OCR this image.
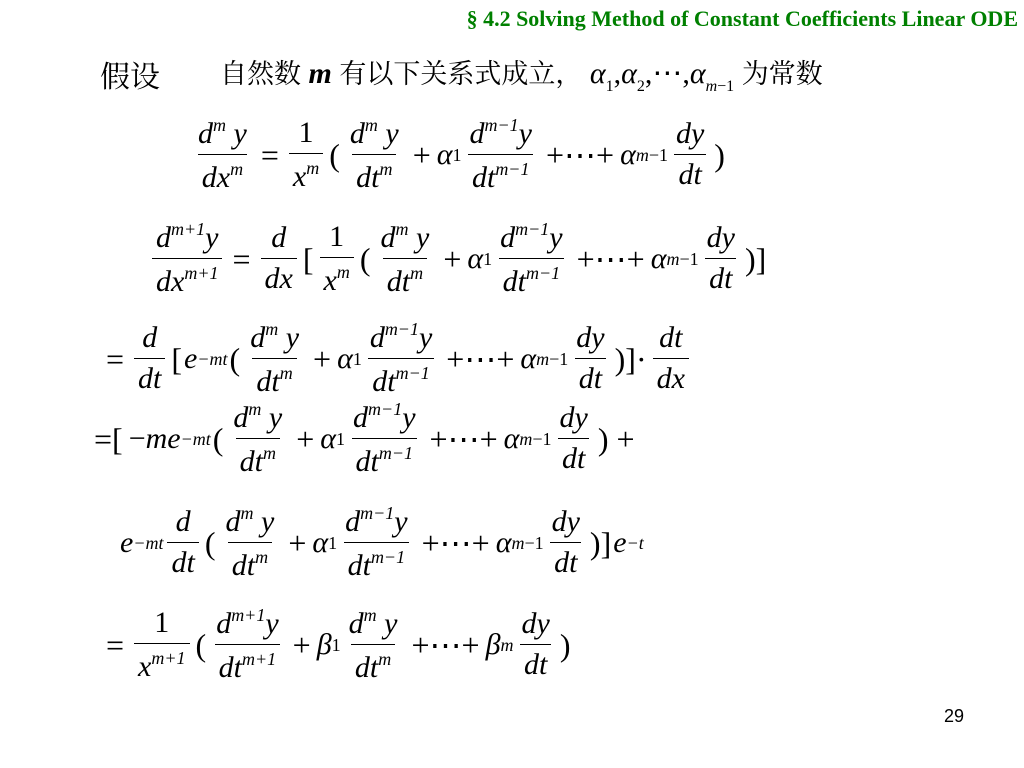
§ 4.2 Solving Method of Constant Coefficients Linear ODE
假设 自然数 m 有以下关系式成立， $\alpha_1,\alpha_2,\cdots,\alpha_{m-1}$ 为常数
$d^m$ y
$dx^m = \frac{1}{x^m}$ (
$d^m$ y
$dt^m + \alpha$ 1
$d^{m-1}y$
$dt^{m-1}$ +⋯+ α m−1
dy
dt
)
$d^{m+1}y$
$dx^{m+1} = \frac{d}{dx}$ [
1
$x^m$ (
$d^m$ y
$dt^m + \alpha$ 1
$d^{m-1}y$
$dt^{m-1}$ +⋯+ α m−1
dy
dt
)]
= $\frac{d}{dt}$ [ e −mt (
$d^m$ y
$dt^m + \alpha$ 1
$d^{m-1}y$
$dt^{m-1}$ +⋯+ α m−1
dy
dt
)]·
dt
dx
=[ − me −mt (
$d^m$ y
$dt^m + \alpha$ 1
$d^{m-1}y$
$dt^{m-1}$ +⋯+ α m−1
dy
dt
) +
e −mt
d
dt
(
$d^m$ y
$dt^m + \alpha$ 1
$d^{m-1}y$
$dt^{m-1}$ +⋯+ α m−1
dy
dt
)] e −t
= $\frac{1}{x^{m+1}}$ (
$d^{m+1}y$
$dt^{m+1} + \beta$ 1
$d^m$ y
$dt^m$ +⋯+ β m
dy
dt
)
29
